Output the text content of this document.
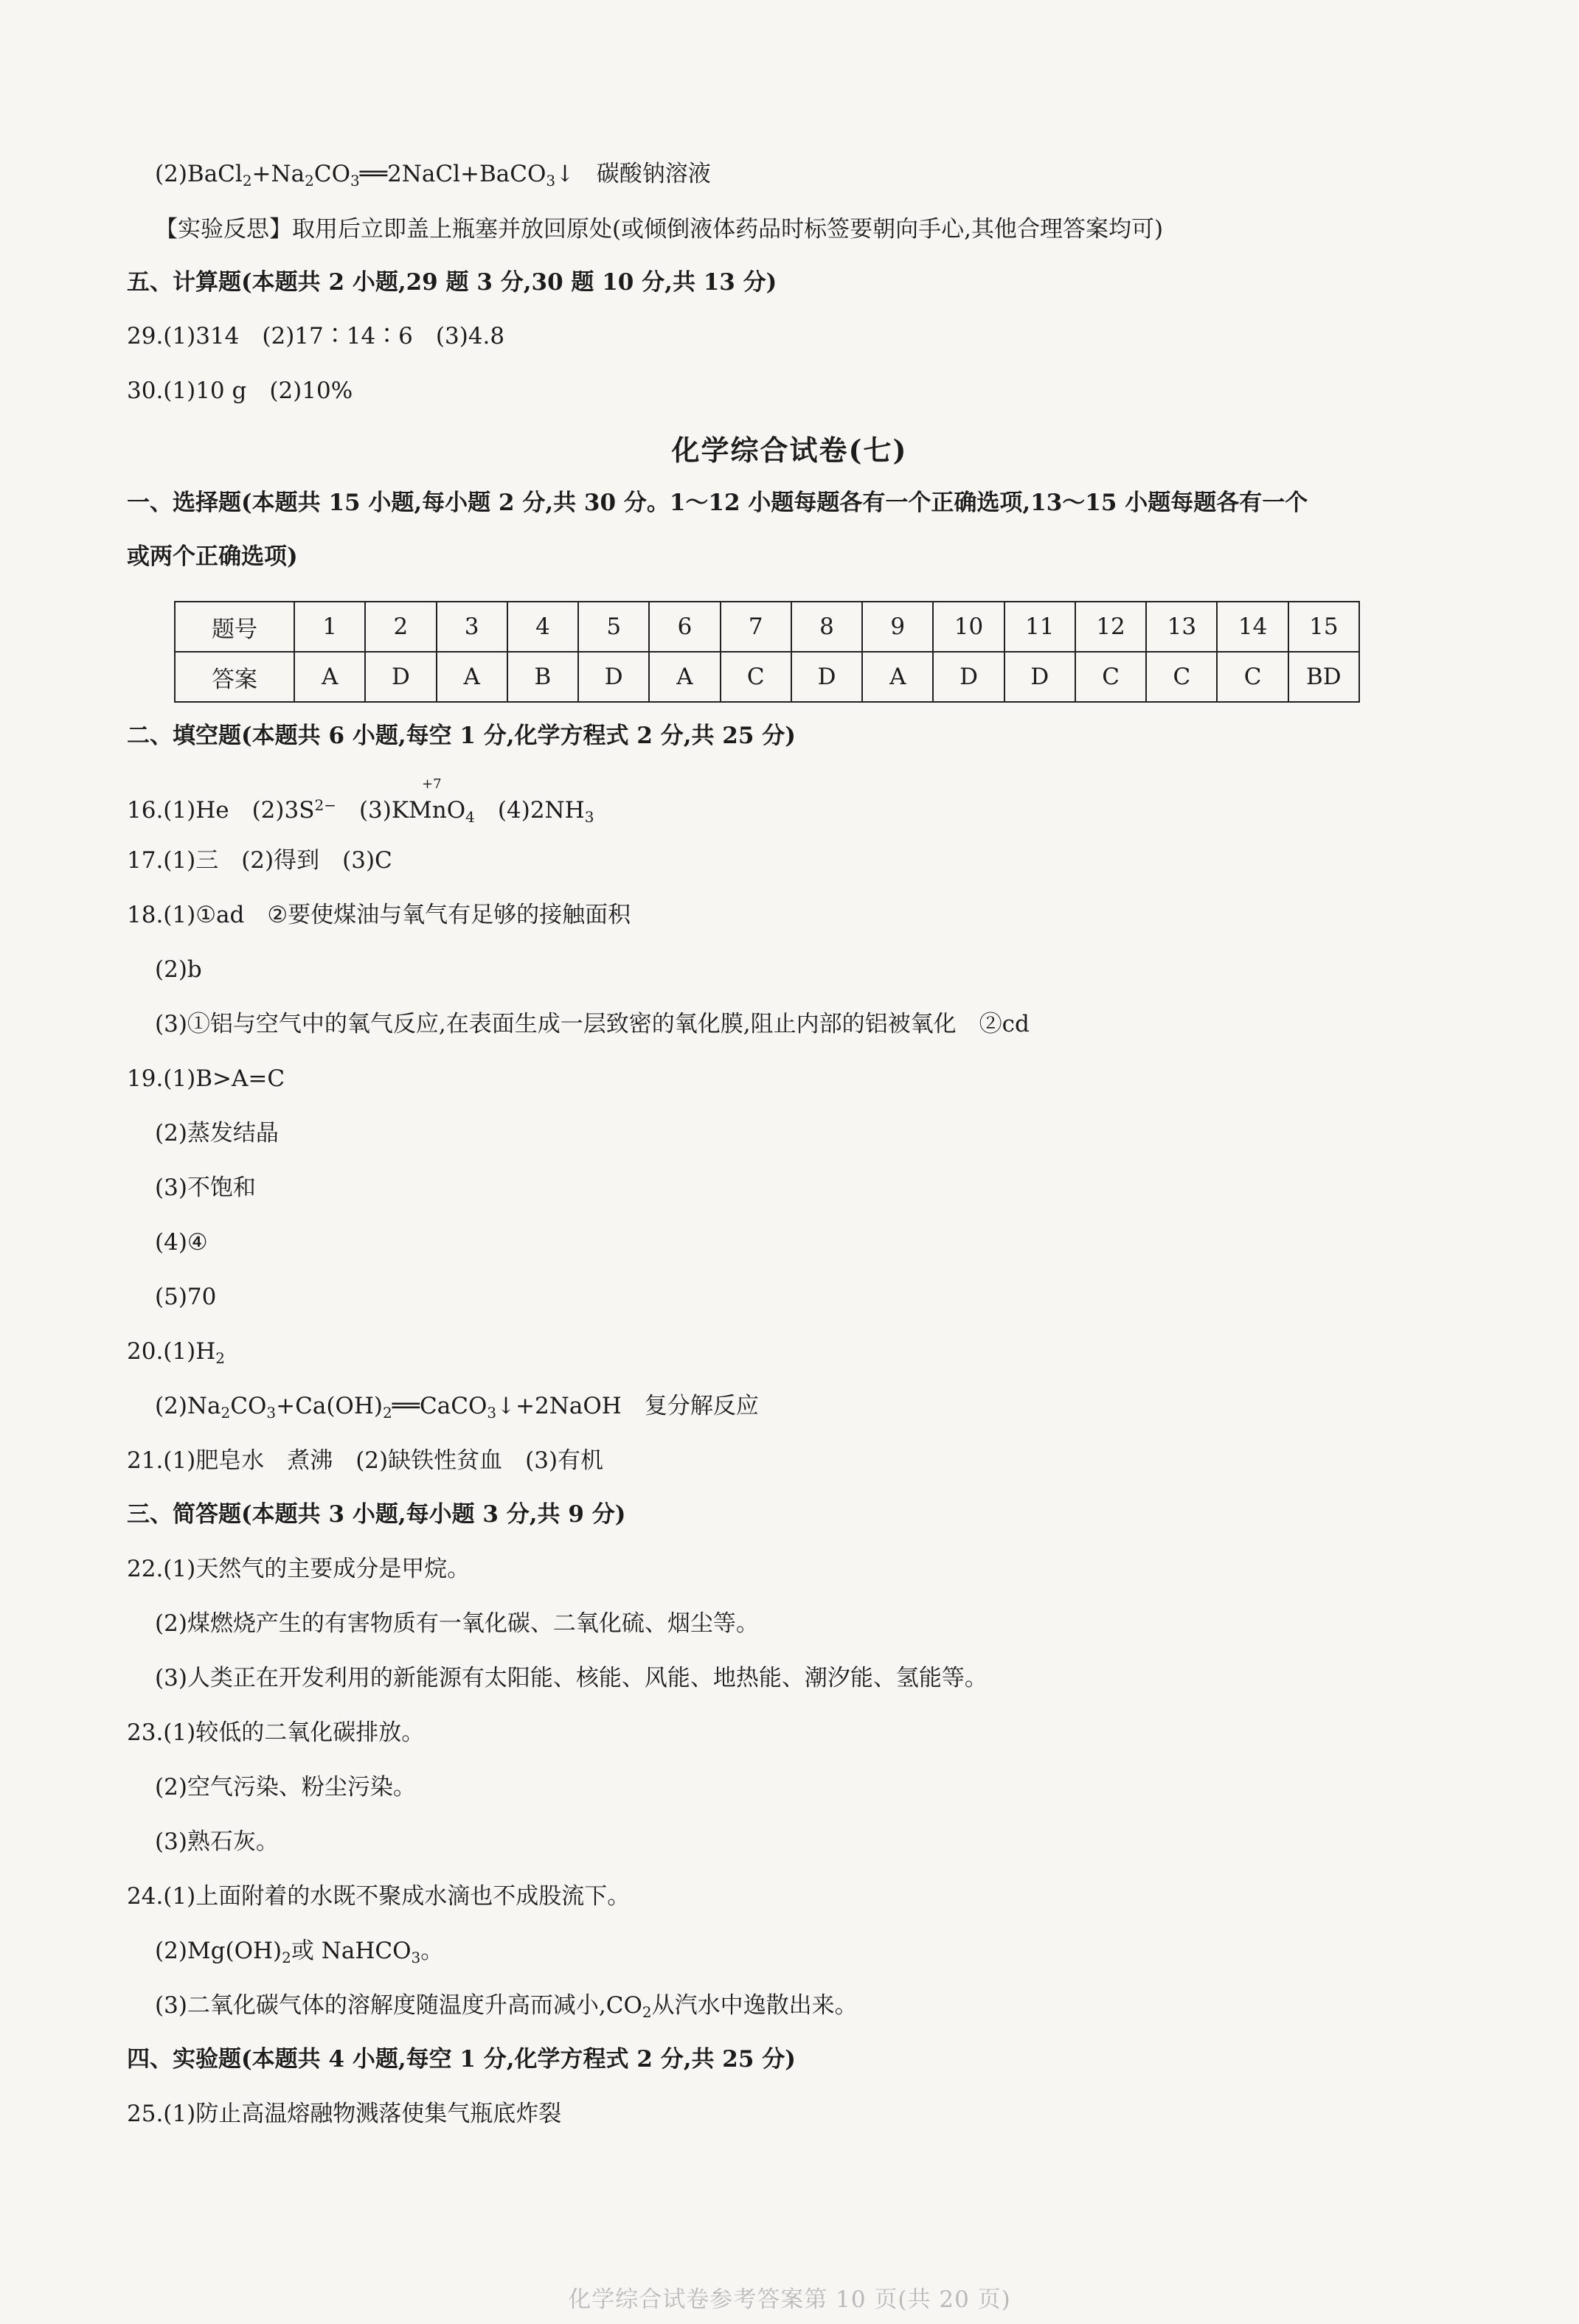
$(2)BaCl_2+Na_2CO_3══2NaCl+BaCO_3↓$ 碳酸钠溶液
【实验反思】取用后立即盖上瓶塞并放回原处(或倾倒液体药品时标签要朝向手心,其他合理答案均可)
五、计算题(本题共 2 小题,29 题 3 分,30 题 10 分,共 13 分)
29.(1)314　(2)17∶14∶6　(3)4.8
30.(1)10 g　(2)10%
化学综合试卷(七)
一、选择题(本题共 15 小题,每小题 2 分,共 30 分。1～12 小题每题各有一个正确选项,13～15 小题每题各有一个
或两个正确选项)
题号	1	2	3	4	5	6	7	8	9	10	11	12	13	14	15
答案	A	D	A	B	D	A	C	D	A	D	D	C	C	C	BD
二、填空题(本题共 6 小题,每空 1 分,化学方程式 2 分,共 25 分)
16.(1)He　$(2)3S^{2-}$　(3)K
+7
MnO$_4$　$(4)2NH_3$
17.(1)三　(2)得到　(3)C
18.(1)①ad　②要使煤油与氧气有足够的接触面积
(2)b
(3)①铝与空气中的氧气反应,在表面生成一层致密的氧化膜,阻止内部的铝被氧化　②cd
19.(1)B>A=C
(2)蒸发结晶
(3)不饱和
(4)④
(5)70
$20.(1)H_2$
$(2)Na_2CO_3+Ca(OH)_2══CaCO_3↓+2NaOH$　复分解反应
21.(1)肥皂水　煮沸　(2)缺铁性贫血　(3)有机
三、简答题(本题共 3 小题,每小题 3 分,共 9 分)
22.(1)天然气的主要成分是甲烷。
(2)煤燃烧产生的有害物质有一氧化碳、二氧化硫、烟尘等。
(3)人类正在开发利用的新能源有太阳能、核能、风能、地热能、潮汐能、氢能等。
23.(1)较低的二氧化碳排放。
(2)空气污染、粉尘污染。
(3)熟石灰。
24.(1)上面附着的水既不聚成水滴也不成股流下。
$(2)Mg(OH)_2$或 NaHCO$_3$。
(3)二氧化碳气体的溶解度随温度升高而减小$,CO_2$从汽水中逸散出来。
四、实验题(本题共 4 小题,每空 1 分,化学方程式 2 分,共 25 分)
25.(1)防止高温熔融物溅落使集气瓶底炸裂
化学综合试卷参考答案第 10 页(共 20 页)
